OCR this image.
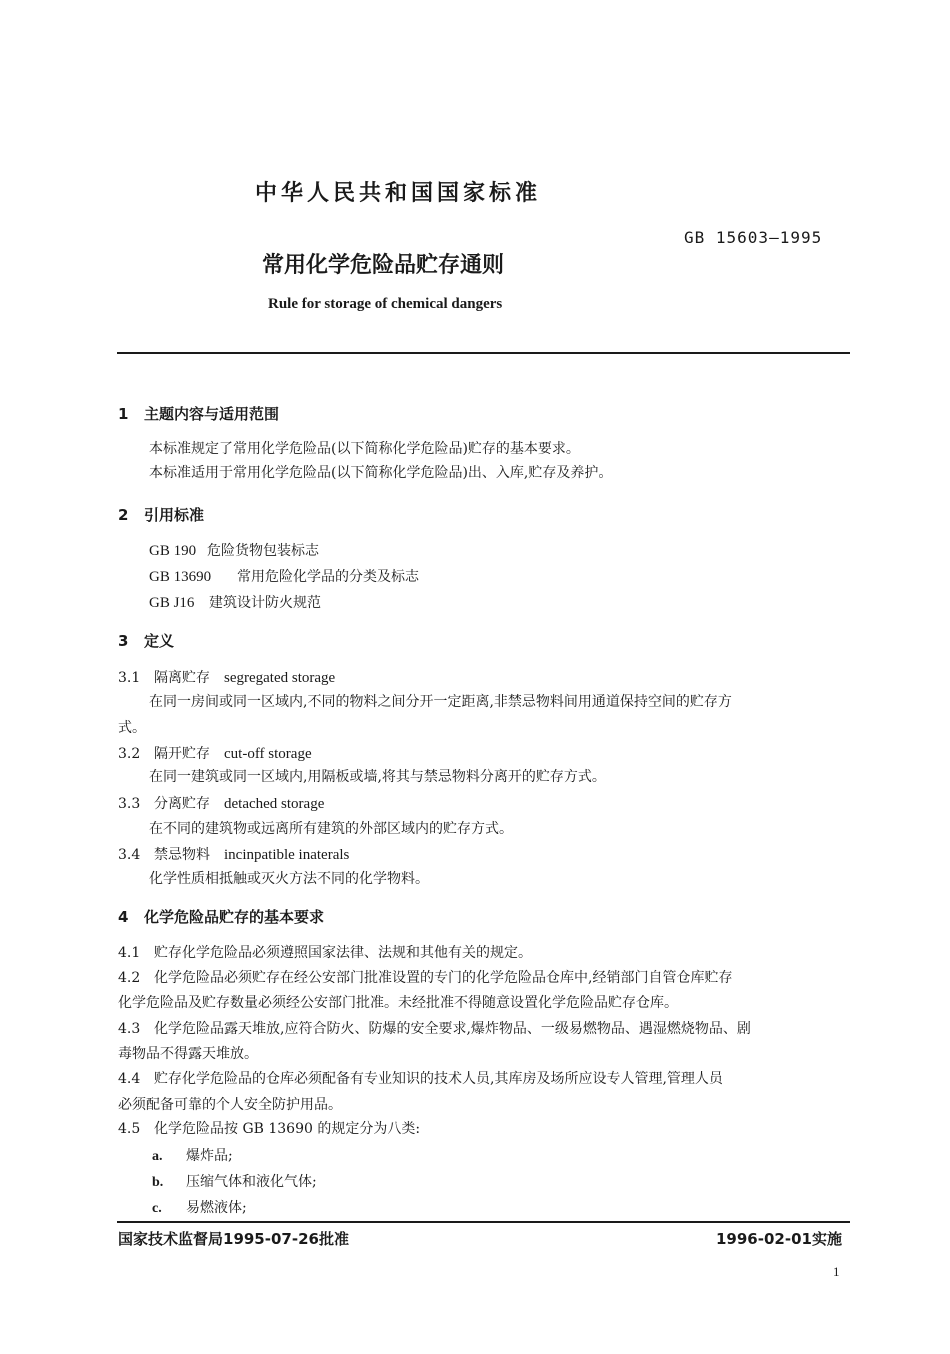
中华人民共和国国家标准
GB 15603—1995
常用化学危险品贮存通则
Rule for storage of chemical dangers
1 主题内容与适用范围
本标准规定了常用化学危险品(以下简称化学危险品)贮存的基本要求。
本标准适用于常用化学危险品(以下简称化学危险品)出、入库,贮存及养护。
2 引用标准
GB 190 危险货物包装标志
GB 13690 常用危险化学品的分类及标志
GB J16 建筑设计防火规范
3 定义
3.1 隔离贮存 segregated storage
在同一房间或同一区域内,不同的物料之间分开一定距离,非禁忌物料间用通道保持空间的贮存方
式。
3.2 隔开贮存 cut-off storage
在同一建筑或同一区域内,用隔板或墙,将其与禁忌物料分离开的贮存方式。
3.3 分离贮存 detached storage
在不同的建筑物或远离所有建筑的外部区域内的贮存方式。
3.4 禁忌物料 incinpatible inaterals
化学性质相抵触或灭火方法不同的化学物料。
4 化学危险品贮存的基本要求
4.1 贮存化学危险品必须遵照国家法律、法规和其他有关的规定。
4.2 化学危险品必须贮存在经公安部门批准设置的专门的化学危险品仓库中,经销部门自管仓库贮存
化学危险品及贮存数量必须经公安部门批准。未经批准不得随意设置化学危险品贮存仓库。
4.3 化学危险品露天堆放,应符合防火、防爆的安全要求,爆炸物品、一级易燃物品、遇湿燃烧物品、剧
毒物品不得露天堆放。
4.4 贮存化学危险品的仓库必须配备有专业知识的技术人员,其库房及场所应设专人管理,管理人员
必须配备可靠的个人安全防护用品。
4.5 化学危险品按 GB 13690 的规定分为八类:
a. 爆炸品;
b. 压缩气体和液化气体;
c. 易燃液体;
国家技术监督局1995-07-26批准	1996-02-01实施
1
